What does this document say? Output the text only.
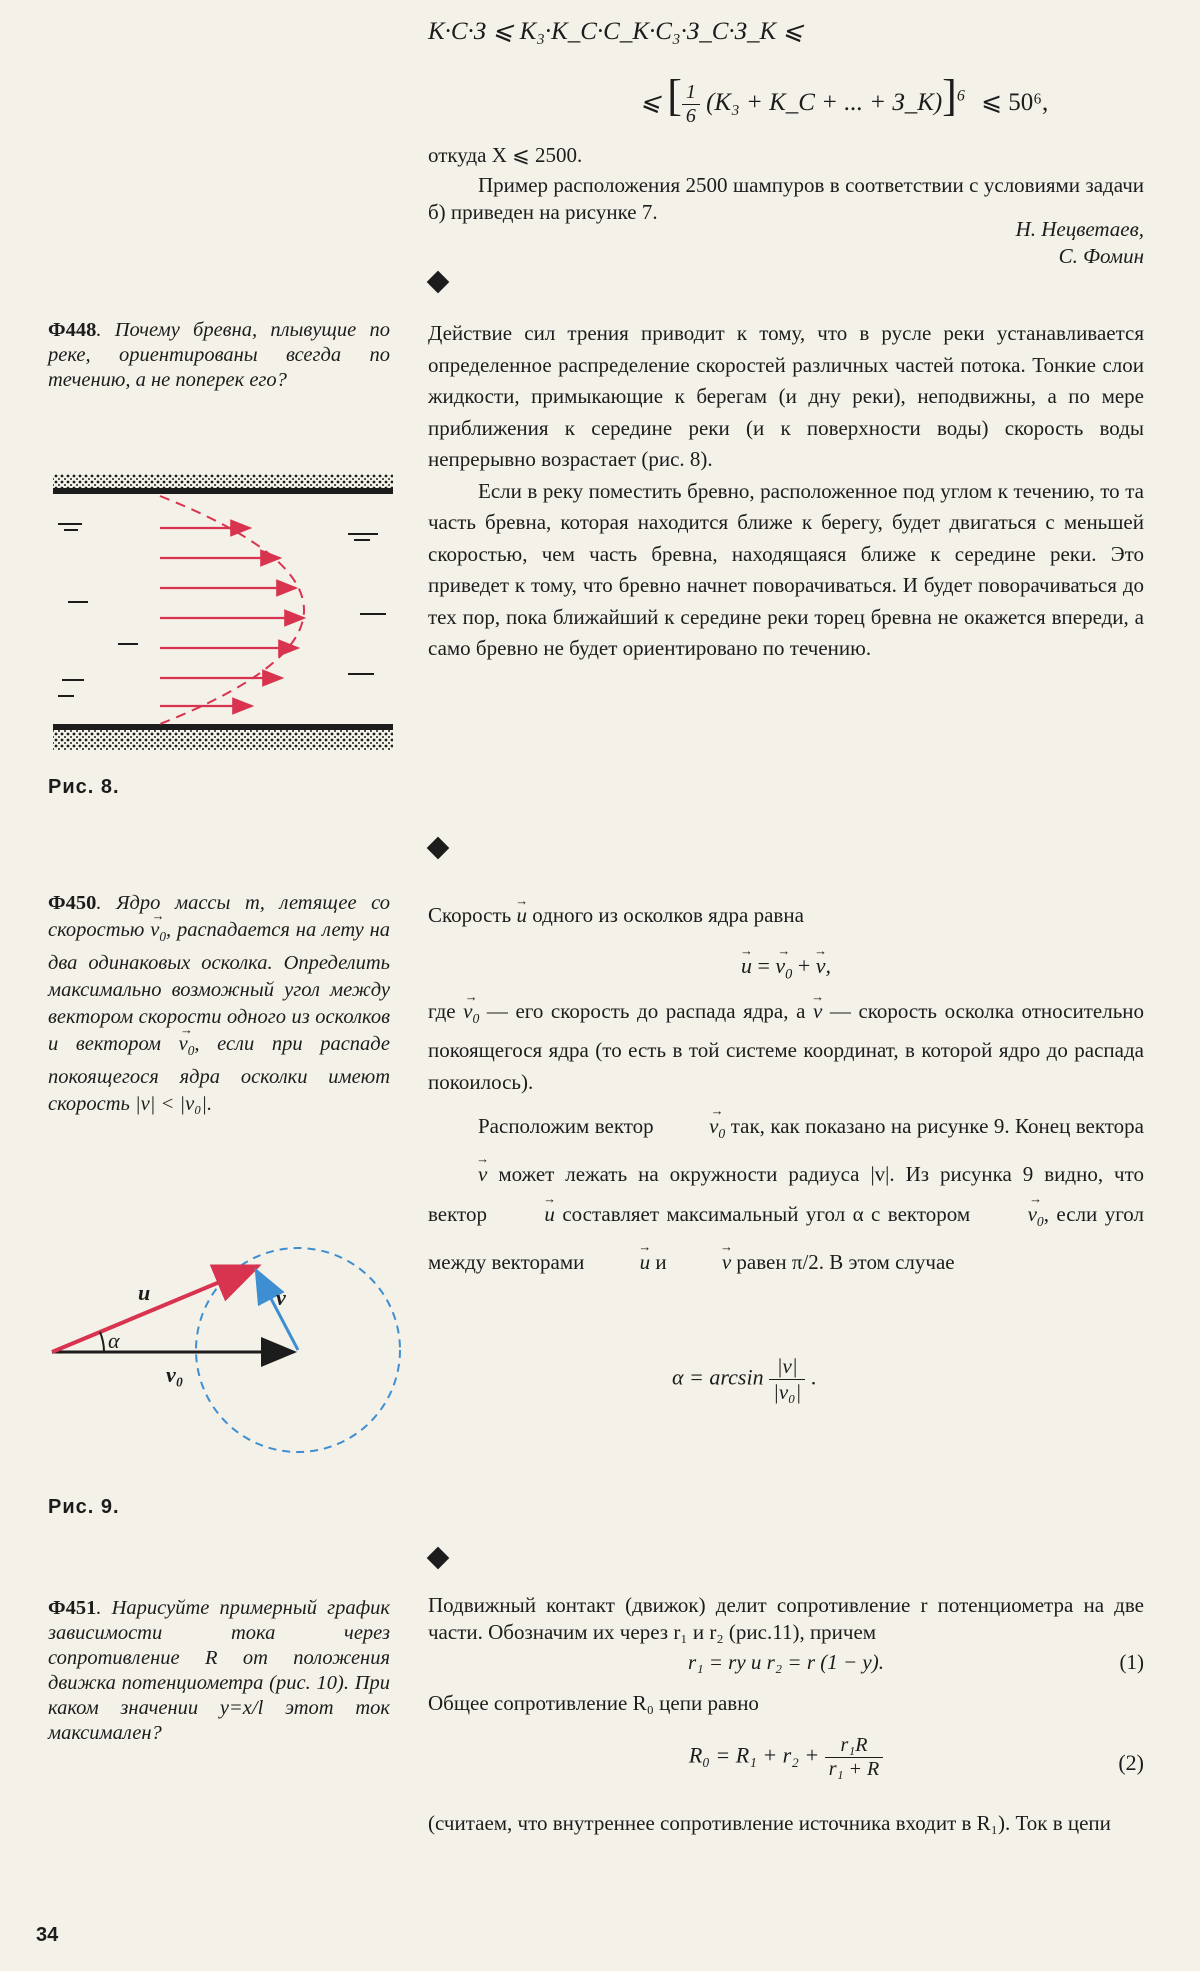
К·С·З ⩽ К₃·К_С·С_К·С₃·З_С·З_К ⩽
⩽ [ $\frac{1}{6} (К_3$ + К_С + ... + З_К)]$^6$ ⩽ 50⁶,

откуда X ⩽ 2500.

Пример расположения 2500 шампуров в соответствии с условиями задачи б) приведен на рисунке 7.

Н. Нецветаев,
С. Фомин
Ф448. Почему бревна, плывущие по реке, ориентированы всегда по течению, а не поперек его?

Действие сил трения приводит к тому, что в русле реки устанавливается определенное распределение скоростей различных частей потока. Тонкие слои жидкости, примыкающие к берегам (и дну реки), неподвижны, а по мере приближения к середине реки (и к поверхности воды) скорость воды непрерывно возрастает (рис. 8).

Если в реку поместить бревно, расположенное под углом к течению, то та часть бревна, которая находится ближе к берегу, будет двигаться с меньшей скоростью, чем часть бревна, находящаяся ближе к середине реки. Это приведет к тому, что бревно начнет поворачиваться. И будет поворачиваться до тех пор, пока ближайший к середине реки торец бревна не окажется впереди, а само бревно не будет ориентировано по течению.

Рис. 8.
Ф450. Ядро массы m, летящее со скоростью → $v_0$, распадается на лету на два одинаковых осколка. Определить максимально возможный угол между вектором скорости одного из осколков и вектором → $v_0$, если при распаде покоящегося ядра осколки имеют скорость |v| < |v₀|.

Скорость → u одного из осколков ядра равна

→ u = → $v_0$ + → v,

где → $v_0$ — его скорость до распада ядра, а → v — скорость осколка относительно покоящегося ядра (то есть в той системе координат, в которой ядро до распада покоилось).

Расположим вектор	→ $v_0$ так, как показано на рисунке 9. Конец вектора → v может лежать на окружности радиуса |v|. Из рисунка 9 видно, что вектор	→ u составляет максимальный угол α с вектором	→ $v_0$, если угол между векторами	→ u и	→ v равен π/2. В этом случае

$\alpha = \arcsin \frac{|v|}{\text{|v₀|}}$ .
u	v
α
v₀
Рис. 9.
Ф451. Нарисуйте примерный график зависимости тока через сопротивление R от положения движка потенциометра (рис. 10). При каком значении y=x/l этот ток максимален?

Подвижный контакт (движок) делит сопротивление r потенциометра на две части. Обозначим их через r₁ и r₂ (рис.11), причем

r₁ = ry и r₂ = r (1 − y).	(1)
Общее сопротивление R₀ цепи равно
$R_0 = R_1 + r_2 + \frac{\text{r₁R}}{\text{r₁ + R}}$	(2)
(считаем, что внутреннее сопротивление источника входит в R₁). Ток в цепи
34
